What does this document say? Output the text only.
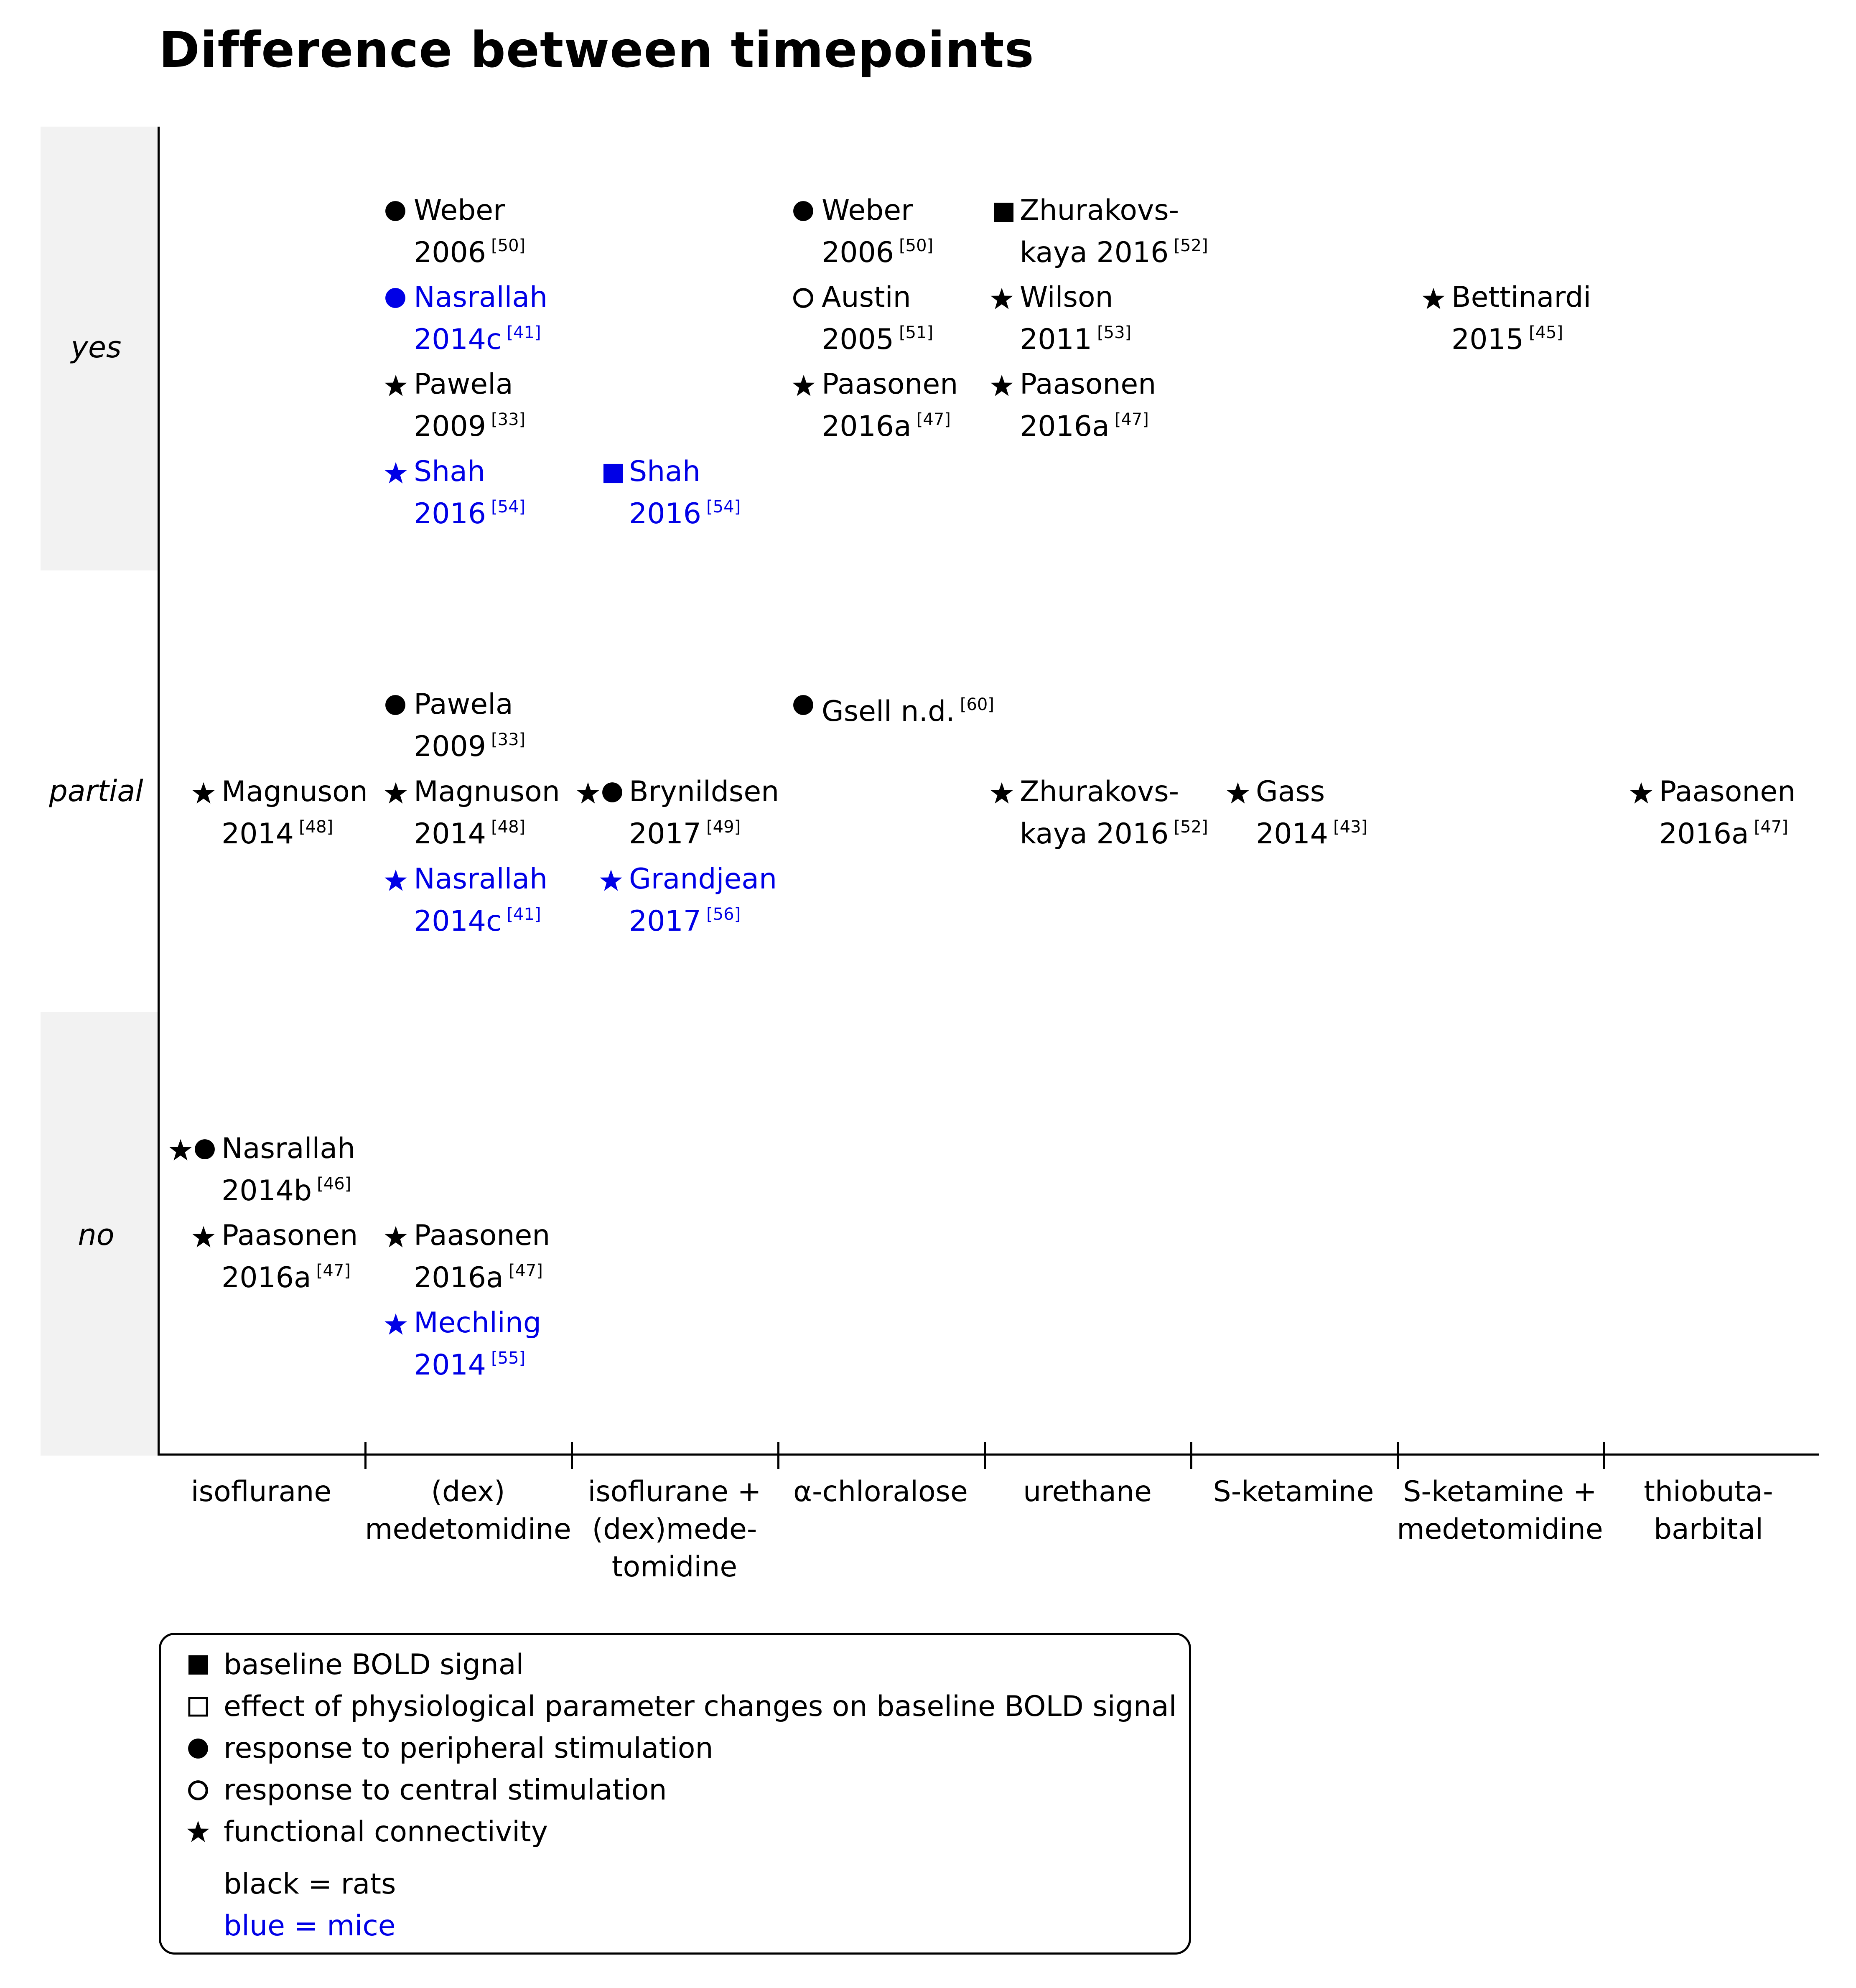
Difference between timepoints
yes
partial
no
isoflurane	(dex)
medetomidine
isoflurane +
(dex)mede-
tomidine
α-chloralose	urethane	S-ketamine	S-ketamine +
medetomidine
thiobuta-
barbital
Weber
2006 [50]
Nasrallah
2014c [41]
Pawela
2009 [33]
Shah
2016 [54]
Shah
2016 [54]
Weber
2006 [50]
Austin
2005 [51]
Paasonen
2016a [47]
Zhurakovs-
kaya 2016 [52]
Wilson
2011 [53]
Paasonen
2016a [47]
Bettinardi
2015 [45]
Pawela
2009 [33]
Gsell n.d. [60]
Magnuson
2014 [48]
Magnuson
2014 [48]
Brynildsen
2017 [49]
Zhurakovs-
kaya 2016 [52]
Gass
2014 [43]
Paasonen
2016a [47]
Nasrallah
2014c [41]
Grandjean
2017 [56]
Nasrallah
2014b [46]
Paasonen
2016a [47]
Paasonen
2016a [47]
Mechling
2014 [55]
baseline BOLD signal
effect of physiological parameter changes on baseline BOLD signal
response to peripheral stimulation
response to central stimulation
functional connectivity
black = rats
blue = mice
